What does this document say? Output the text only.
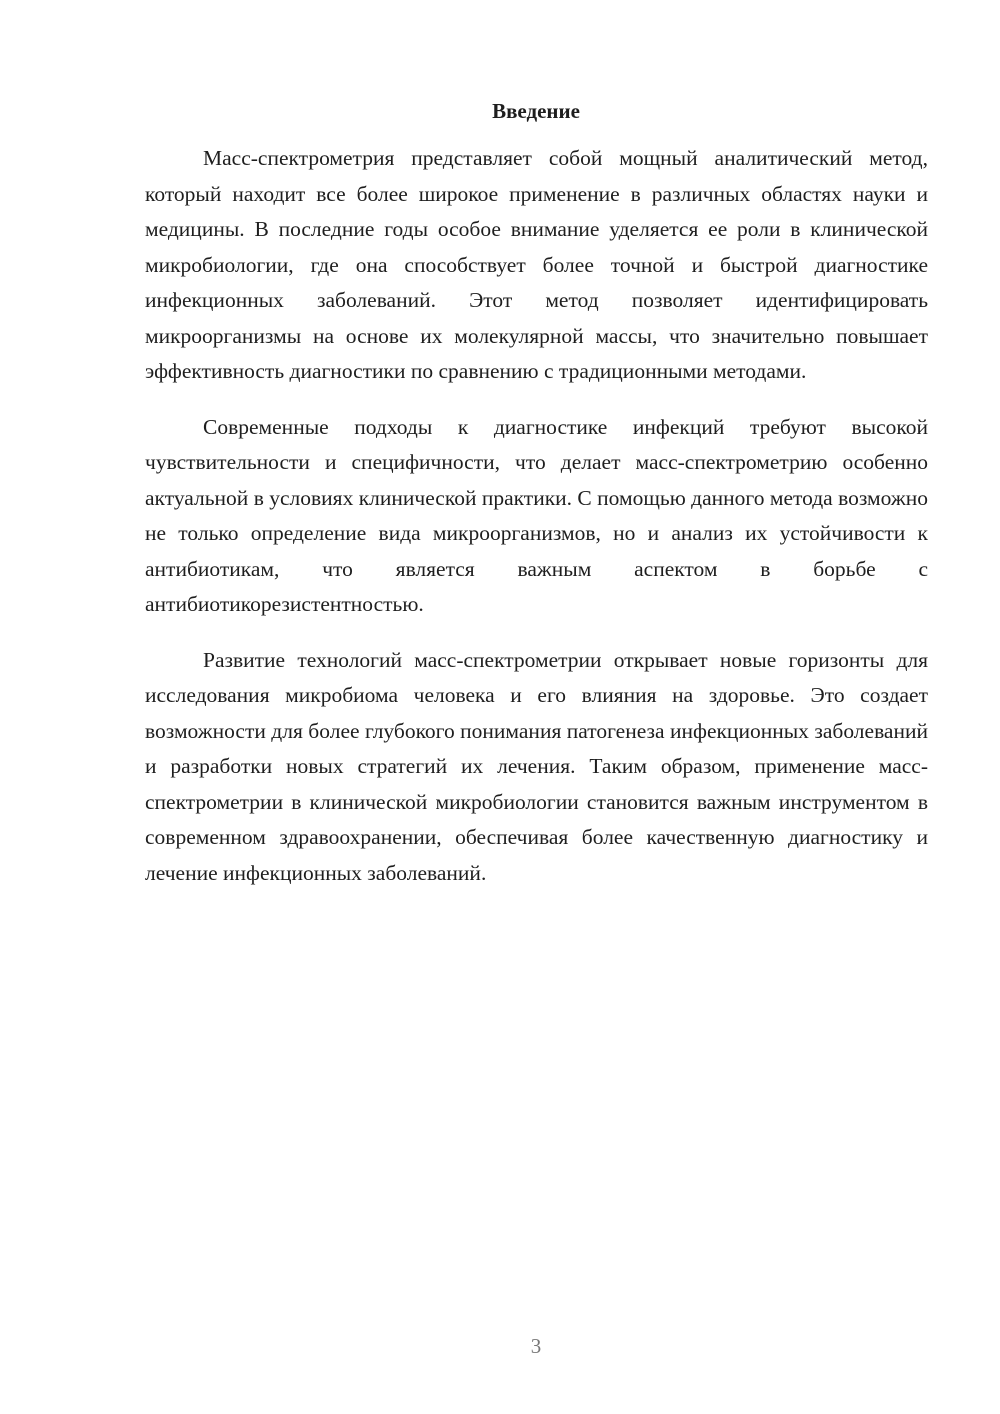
Введение

Масс-спектрометрия представляет собой мощный аналитический метод, который находит все более широкое применение в различных областях науки и медицины. В последние годы особое внимание уделяется ее роли в клинической микробиологии, где она способствует более точной и быстрой диагностике инфекционных заболеваний. Этот метод позволяет идентифицировать микроорганизмы на основе их молекулярной массы, что значительно повышает эффективность диагностики по сравнению с традиционными методами.

Современные подходы к диагностике инфекций требуют высокой чувствительности и специфичности, что делает масс-спектрометрию особенно актуальной в условиях клинической практики. С помощью данного метода возможно не только определение вида микроорганизмов, но и анализ их устойчивости к антибиотикам, что является важным аспектом в борьбе с антибиотикорезистентностью.

Развитие технологий масс-спектрометрии открывает новые горизонты для исследования микробиома человека и его влияния на здоровье. Это создает возможности для более глубокого понимания патогенеза инфекционных заболеваний и разработки новых стратегий их лечения. Таким образом, применение масс-спектрометрии в клинической микробиологии становится важным инструментом в современном здравоохранении, обеспечивая более качественную диагностику и лечение инфекционных заболеваний.

3
